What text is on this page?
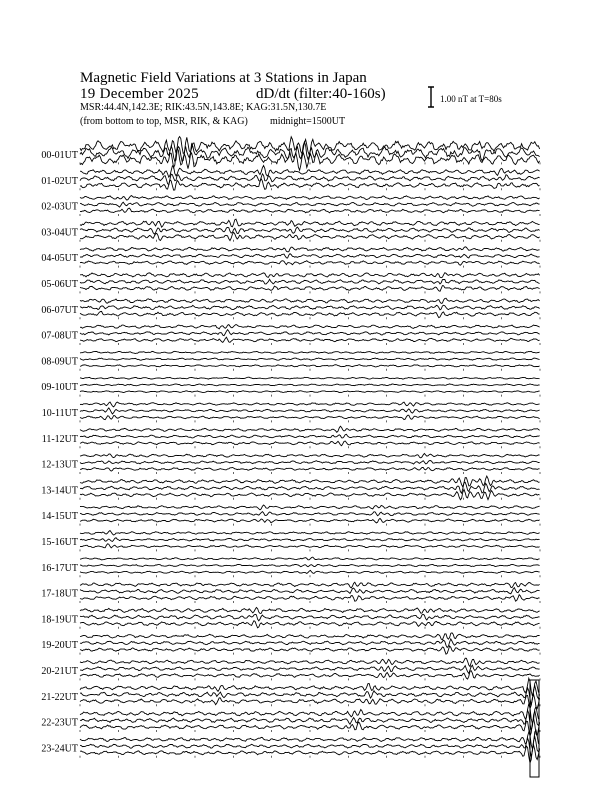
Magnetic Field Variations at 3 Stations in Japan
19 December 2025	dD/dt (filter:40-160s)
MSR:44.4N,142.3E; RIK:43.5N,143.8E; KAG:31.5N,130.7E
(from bottom to top, MSR, RIK, & KAG) midnight=1500UT
1.00 nT at T=80s
00-01UT
01-02UT
02-03UT
03-04UT
04-05UT
05-06UT
06-07UT
07-08UT
08-09UT
09-10UT
10-11UT
11-12UT
12-13UT
13-14UT
14-15UT
15-16UT
16-17UT
17-18UT
18-19UT
19-20UT
20-21UT
21-22UT
22-23UT
23-24UT
